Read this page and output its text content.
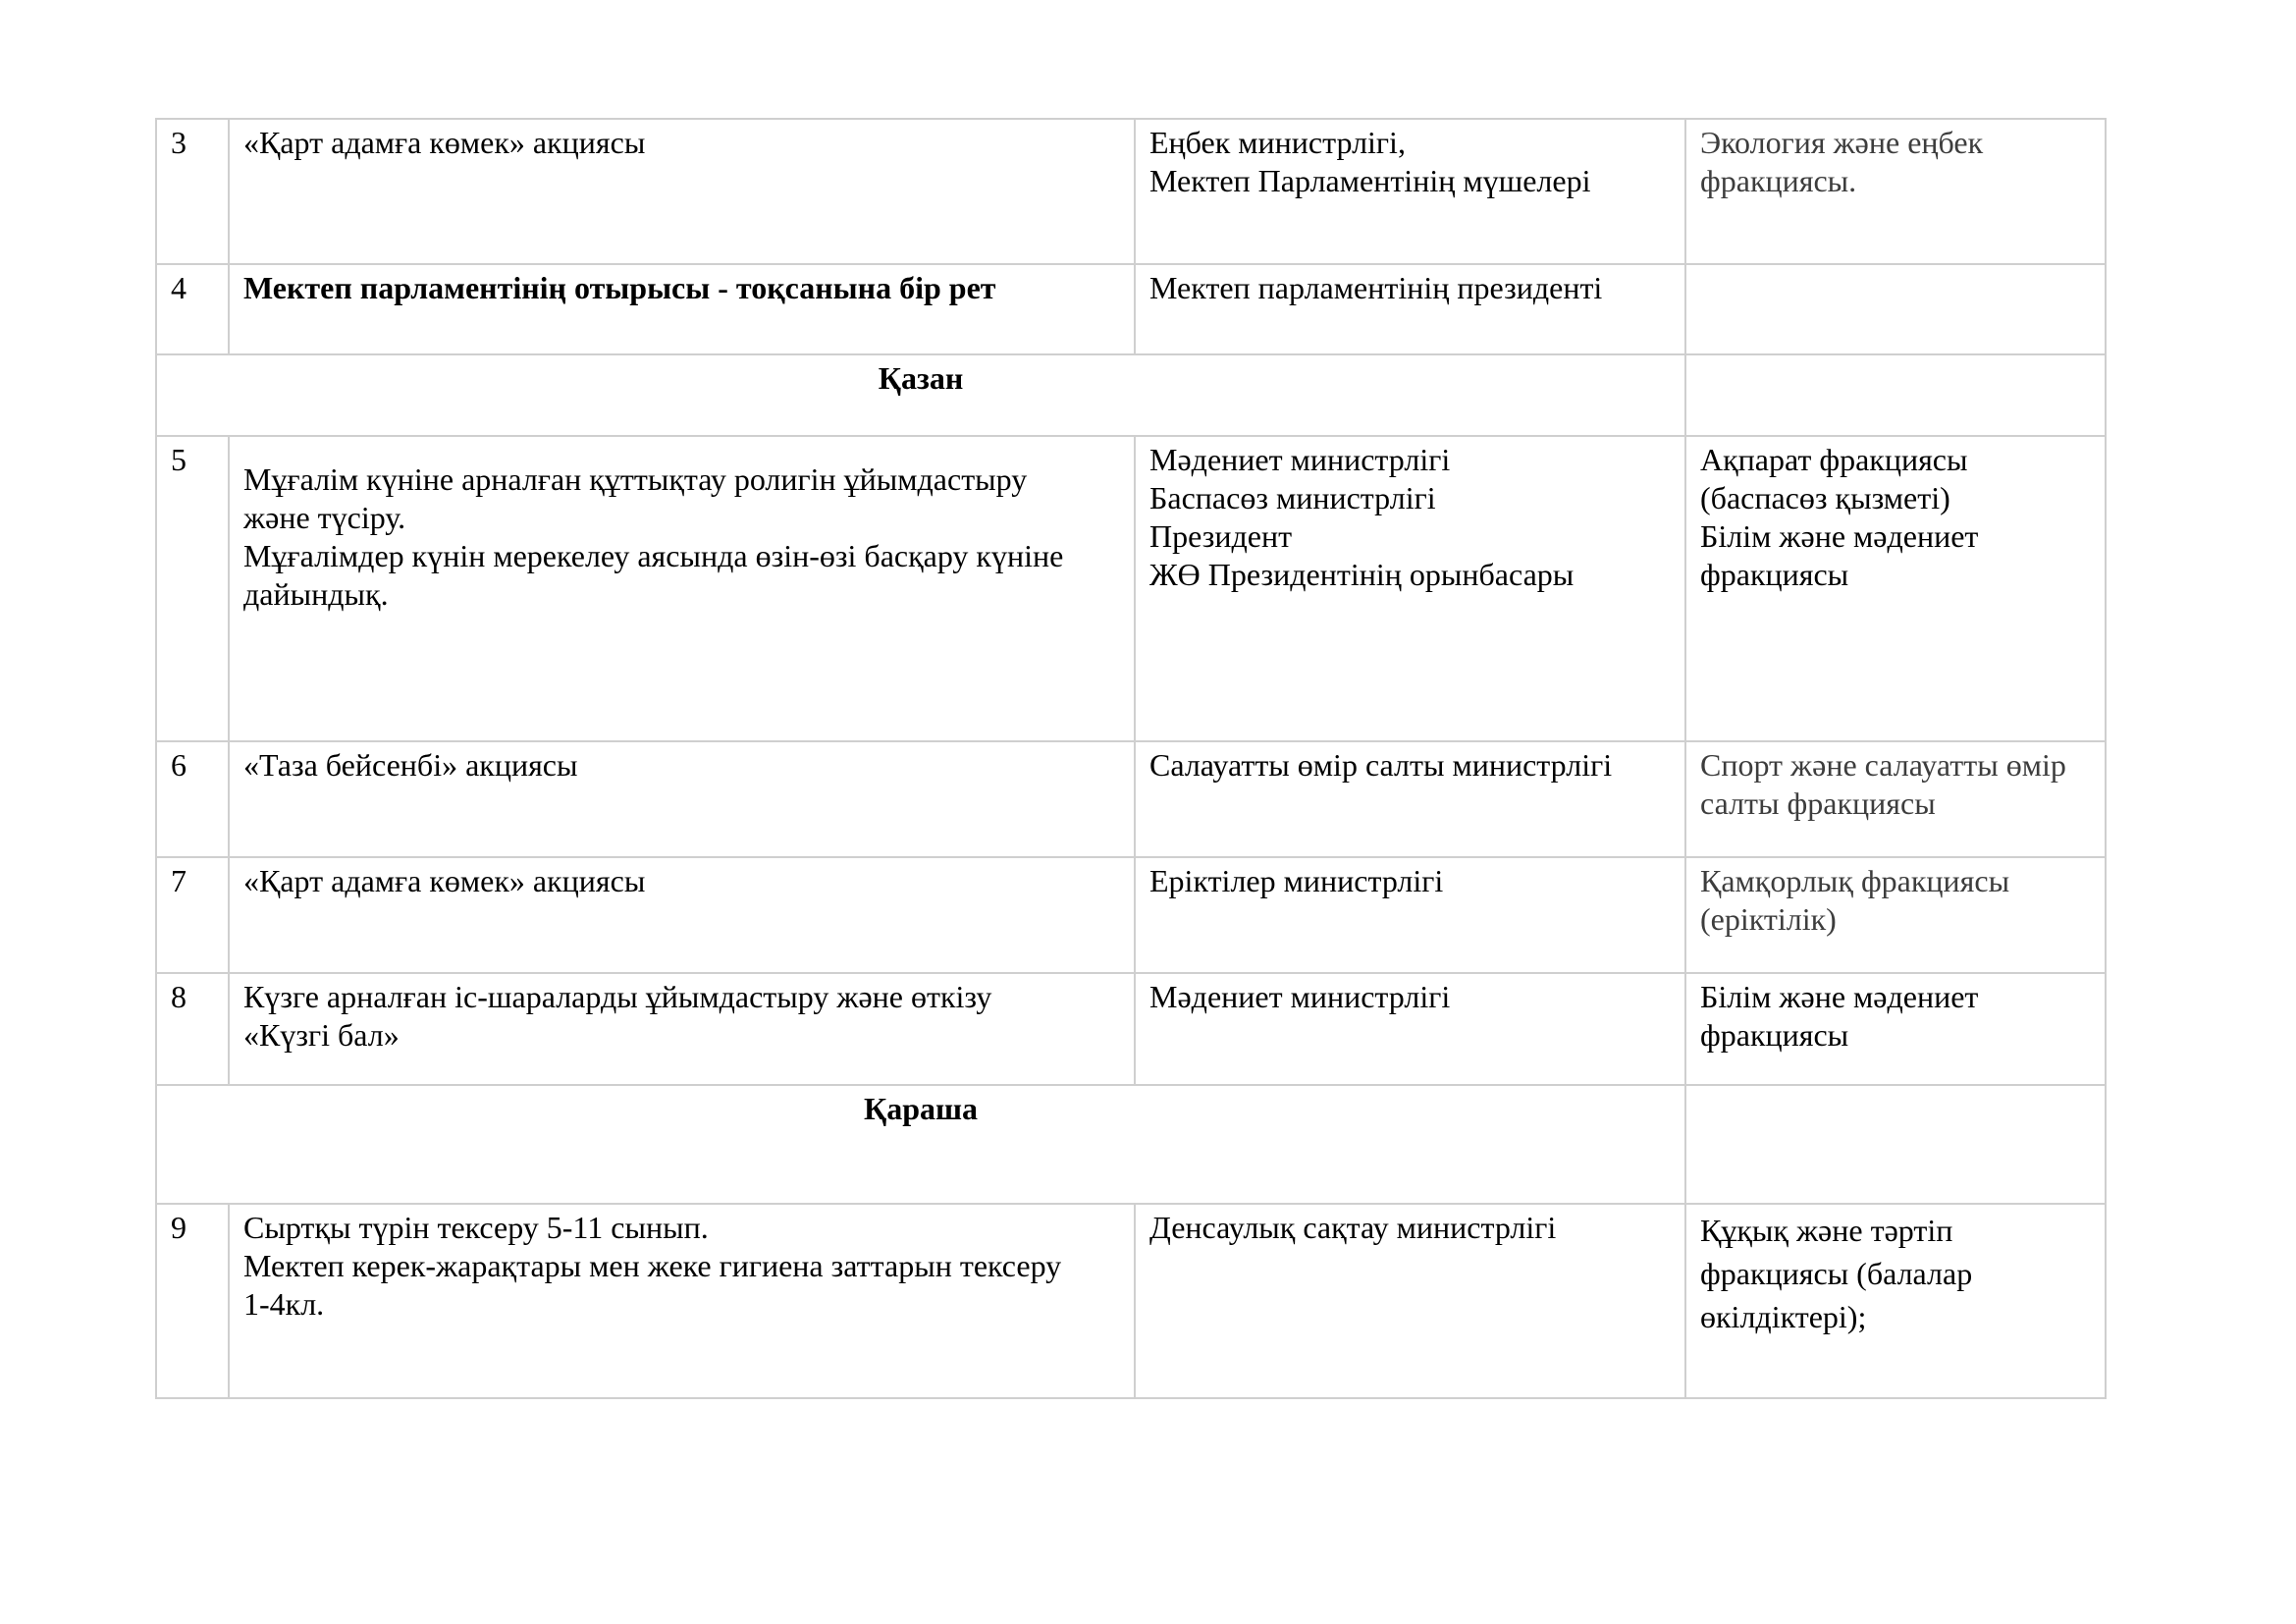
3	«Қарт адамға көмек» акциясы	Еңбек министрлігі,
Мектеп Парламентінің мүшелері	Экология және еңбек
фракциясы.

4	Мектеп парламентінің отырысы - тоқсанына бір рет	Мектеп парламентінің президенті	

Қазан			
5	Мұғалім күніне арналған құттықтау ролигін ұйымдастыру
және түсіру.
Мұғалімдер күнін мерекелеу аясында өзін-өзі басқару күніне
дайындық.	Мәдениет министрлігі
Баспасөз министрлігі
Президент
ЖӨ Президентінің орынбасары	Ақпарат фракциясы
(баспасөз қызметі)
Білім және мәдениет
фракциясы

6	«Таза бейсенбі» акциясы	Салауатты өмір салты министрлігі	Спорт және салауатты өмір
салты фракциясы

7	«Қарт адамға көмек» акциясы	Еріктілер министрлігі	Қамқорлық фракциясы
(еріктілік)

8	Күзге арналған іс-шараларды ұйымдастыру және өткізу
«Күзгі бал»	Мәдениет министрлігі	Білім және мәдениет
фракциясы

Қараша			
9	Сыртқы түрін тексеру 5-11 сынып.
Мектеп керек-жарақтары мен жеке гигиена заттарын тексеру
1-4кл.	Денсаулық сақтау министрлігі	Құқық және тәртіп
фракциясы (балалар
өкілдіктері);
